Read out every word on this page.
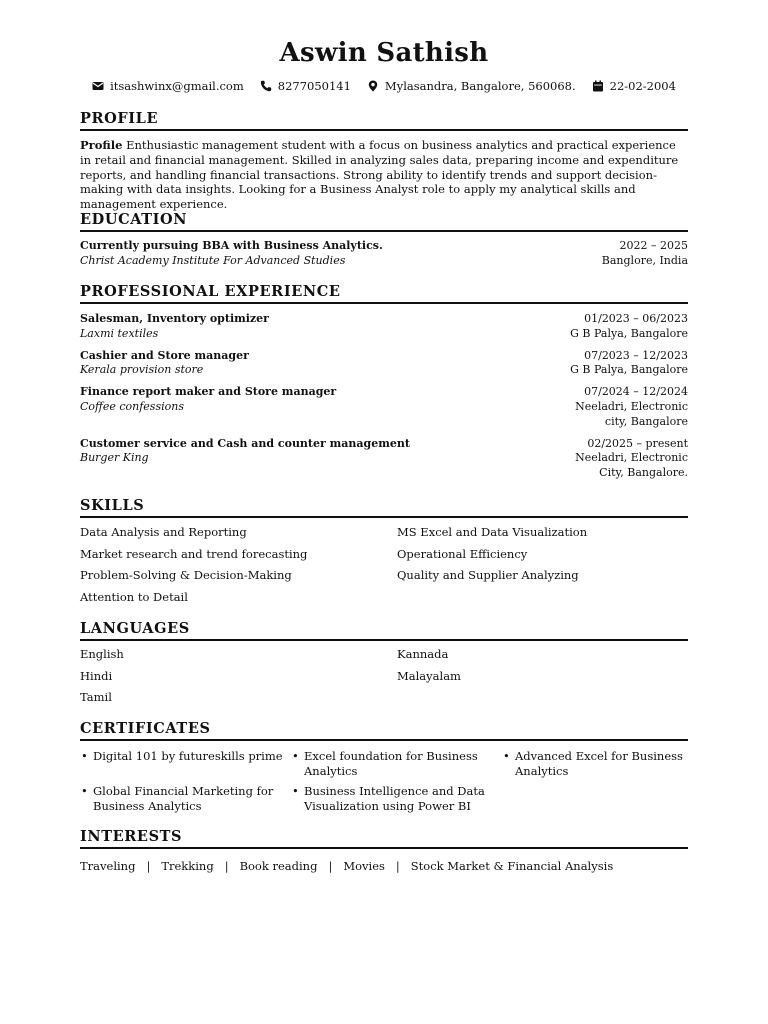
Aswin Sathish
itsashwinx@gmail.com	8277050141	Mylasandra, Bangalore, 560068.	22-02-2004
PROFILE
Profile Enthusiastic management student with a focus on business analytics and practical experience in retail and financial management. Skilled in analyzing sales data, preparing income and expenditure reports, and handling financial transactions. Strong ability to identify trends and support decision-making with data insights. Looking for a Business Analyst role to apply my analytical skills and management experience.
EDUCATION
Currently pursuing BBA with Business Analytics.
Christ Academy Institute For Advanced Studies
2022 – 2025
Banglore, India
PROFESSIONAL EXPERIENCE
Salesman, Inventory optimizer
Laxmi textiles
01/2023 – 06/2023
G B Palya, Bangalore
Cashier and Store manager
Kerala provision store
07/2023 – 12/2023
G B Palya, Bangalore
Finance report maker and Store manager
Coffee confessions
07/2024 – 12/2024
Neeladri, Electronic city, Bangalore
Customer service and Cash and counter management
Burger King
02/2025 – present
Neeladri, Electronic City, Bangalore.
SKILLS
Data Analysis and Reporting	MS Excel and Data Visualization
Market research and trend forecasting	Operational Efficiency
Problem-Solving & Decision-Making	Quality and Supplier Analyzing
Attention to Detail
LANGUAGES
English	Kannada
Hindi	Malayalam
Tamil
CERTIFICATES
• Digital 101 by futureskills prime
•	Excel foundation for Business Analytics
• Advanced Excel for Business Analytics
• Global Financial Marketing for Business Analytics
• Business Intelligence and Data Visualization using Power BI
INTERESTS
Traveling | Trekking | Book reading | Movies | Stock Market & Financial Analysis
